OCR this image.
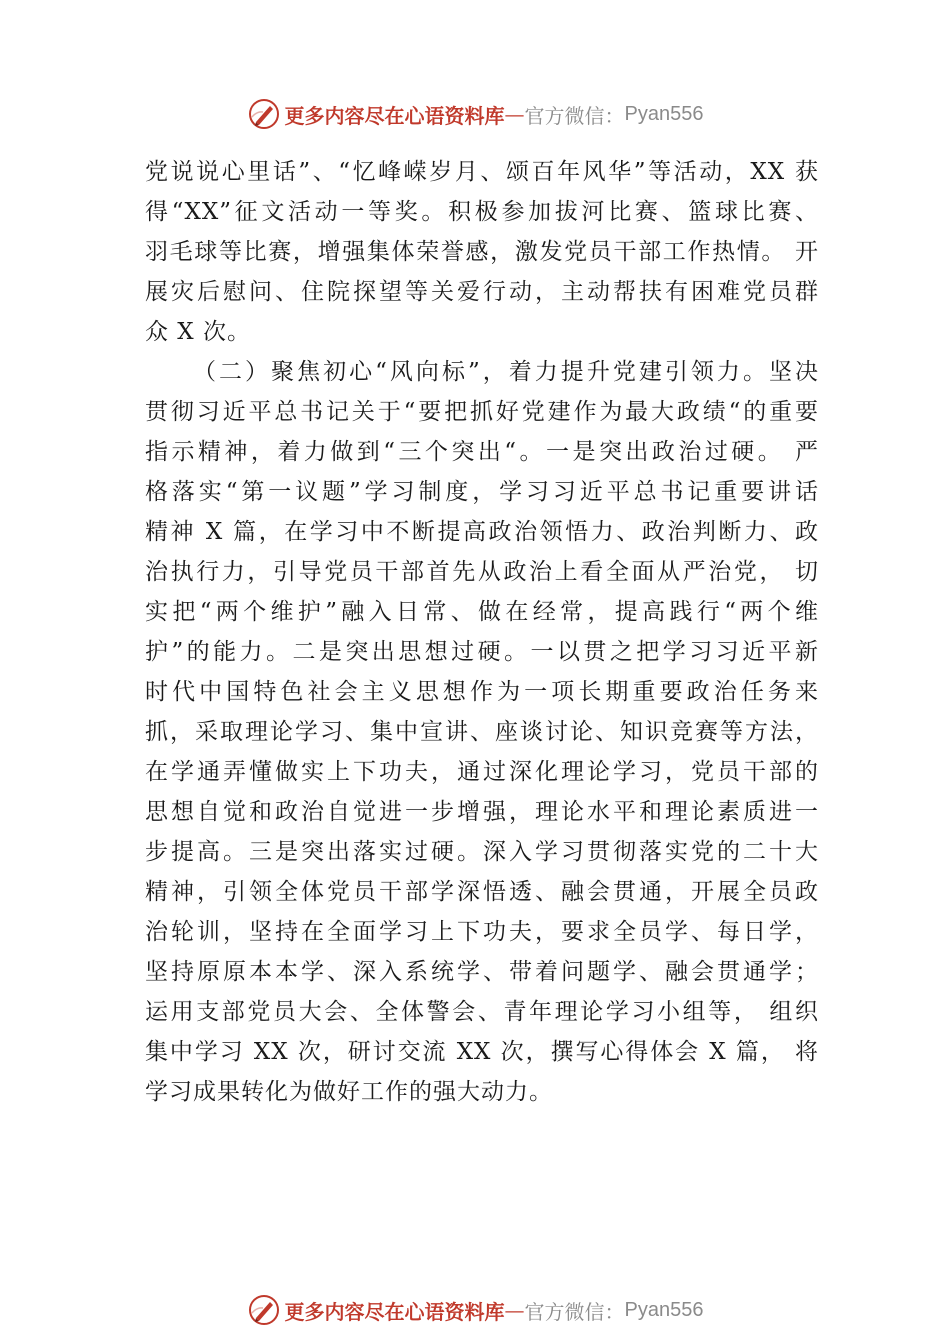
更多内容尽在心语资料库 — 官方微信： Pyan556
党说说心里话”、“忆峰嵘岁月、颂百年风华”等活动，XX 获
得“XX”征文活动一等奖。积极参加拔河比赛、篮球比赛、
羽毛球等比赛，增强集体荣誉感，激发党员干部工作热情。 开
展灾后慰问、住院探望等关爱行动，主动帮扶有困难党员群
众 X 次。
（二）聚焦初心“风向标”，着力提升党建引领力。坚决
贯彻习近平总书记关于“要把抓好党建作为最大政绩“的重要
指示精神，着力做到“三个突出“。一是突出政治过硬。 严
格落实“第一议题”学习制度，学习习近平总书记重要讲话
精神 X 篇，在学习中不断提高政治领悟力、政治判断力、政
治执行力，引导党员干部首先从政治上看全面从严治党， 切
实把“两个维护”融入日常、做在经常，提高践行“两个维
护”的能力。二是突出思想过硬。一以贯之把学习习近平新
时代中国特色社会主义思想作为一项长期重要政治任务来
抓，采取理论学习、集中宣讲、座谈讨论、知识竞赛等方法，
在学通弄懂做实上下功夫，通过深化理论学习，党员干部的
思想自觉和政治自觉进一步增强，理论水平和理论素质进一
步提高。三是突出落实过硬。深入学习贯彻落实党的二十大
精神，引领全体党员干部学深悟透、融会贯通，开展全员政
治轮训，坚持在全面学习上下功夫，要求全员学、每日学，
坚持原原本本学、深入系统学、带着问题学、融会贯通学；
运用支部党员大会、全体警会、青年理论学习小组等， 组织
集中学习 XX 次，研讨交流 XX 次，撰写心得体会 X 篇， 将
学习成果转化为做好工作的强大动力。
更多内容尽在心语资料库 — 官方微信： Pyan556
